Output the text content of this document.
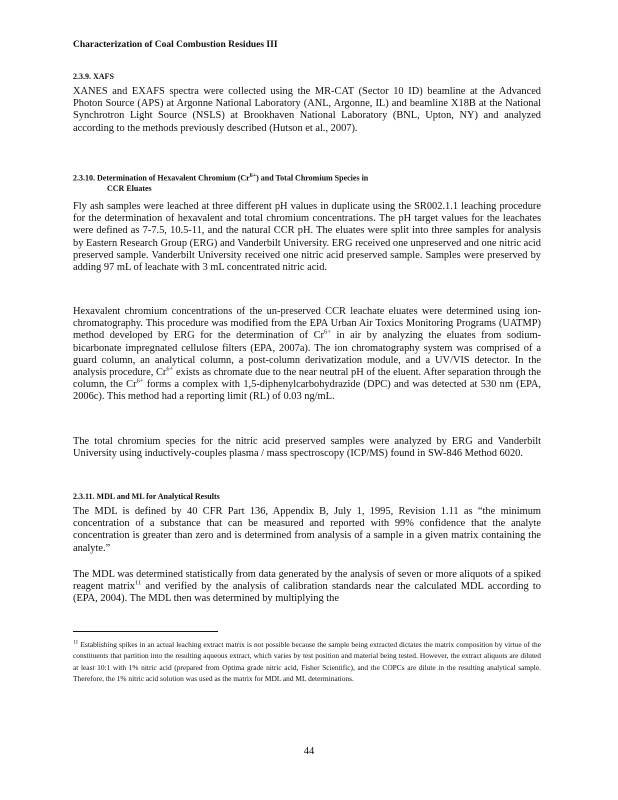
Characterization of Coal Combustion Residues III
2.3.9. XAFS

XANES and EXAFS spectra were collected using the MR-CAT (Sector 10 ID) beamline at the Advanced Photon Source (APS) at Argonne National Laboratory (ANL, Argonne, IL) and beamline X18B at the National Synchrotron Light Source (NSLS) at Brookhaven National Laboratory (BNL, Upton, NY) and analyzed according to the methods previously described (Hutson et al., 2007).

2.3.10. Determination of Hexavalent Chromium $(Cr^{6+})$ and Total Chromium Species in
CCR Eluates

Fly ash samples were leached at three different pH values in duplicate using the SR002.1.1 leaching procedure for the determination of hexavalent and total chromium concentrations. The pH target values for the leachates were defined as 7-7.5, 10.5-11, and the natural CCR pH. The eluates were split into three samples for analysis by Eastern Research Group (ERG) and Vanderbilt University. ERG received one unpreserved and one nitric acid preserved sample. Vanderbilt University received one nitric acid preserved sample. Samples were preserved by adding 97 mL of leachate with 3 mL concentrated nitric acid.

Hexavalent chromium concentrations of the un-preserved CCR leachate eluates were determined using ion-chromatography. This procedure was modified from the EPA Urban Air Toxics Monitoring Programs (UATMP) method developed by ERG for the determination of $Cr^{6+}$ in air by analyzing the eluates from sodium-bicarbonate impregnated cellulose filters (EPA, 2007a). The ion chromatography system was comprised of a guard column, an analytical column, a post-column derivatization module, and a UV/VIS detector. In the analysis procedure, $Cr^{6+}$ exists as chromate due to the near neutral pH of the eluent. After separation through the column, the $Cr^{6+}$ forms a complex with 1,5-diphenylcarbohydrazide (DPC) and was detected at 530 nm (EPA, 2006c). This method had a reporting limit (RL) of 0.03 ng/mL.

The total chromium species for the nitric acid preserved samples were analyzed by ERG and Vanderbilt University using inductively-couples plasma / mass spectroscopy (ICP/MS) found in SW-846 Method 6020.

2.3.11. MDL and ML for Analytical Results

The MDL is defined by 40 CFR Part 136, Appendix B, July 1, 1995, Revision 1.11 as “the minimum concentration of a substance that can be measured and reported with 99% confidence that the analyte concentration is greater than zero and is determined from analysis of a sample in a given matrix containing the analyte.”

The MDL was determined statistically from data generated by the analysis of seven or more aliquots of a spiked reagent matrix$^{11}$ and verified by the analysis of calibration standards near the calculated MDL according to (EPA, 2004). The MDL then was determined by multiplying the

$^{11}$ Establishing spikes in an actual leaching extract matrix is not possible because the sample being extracted dictates the matrix composition by virtue of the constituents that partition into the resulting aqueous extract, which varies by test position and material being tested. However, the extract aliquots are diluted at least 10:1 with 1% nitric acid (prepared from Optima grade nitric acid, Fisher Scientific), and the COPCs are dilute in the resulting analytical sample. Therefore, the 1% nitric acid solution was used as the matrix for MDL and ML determinations.

44
